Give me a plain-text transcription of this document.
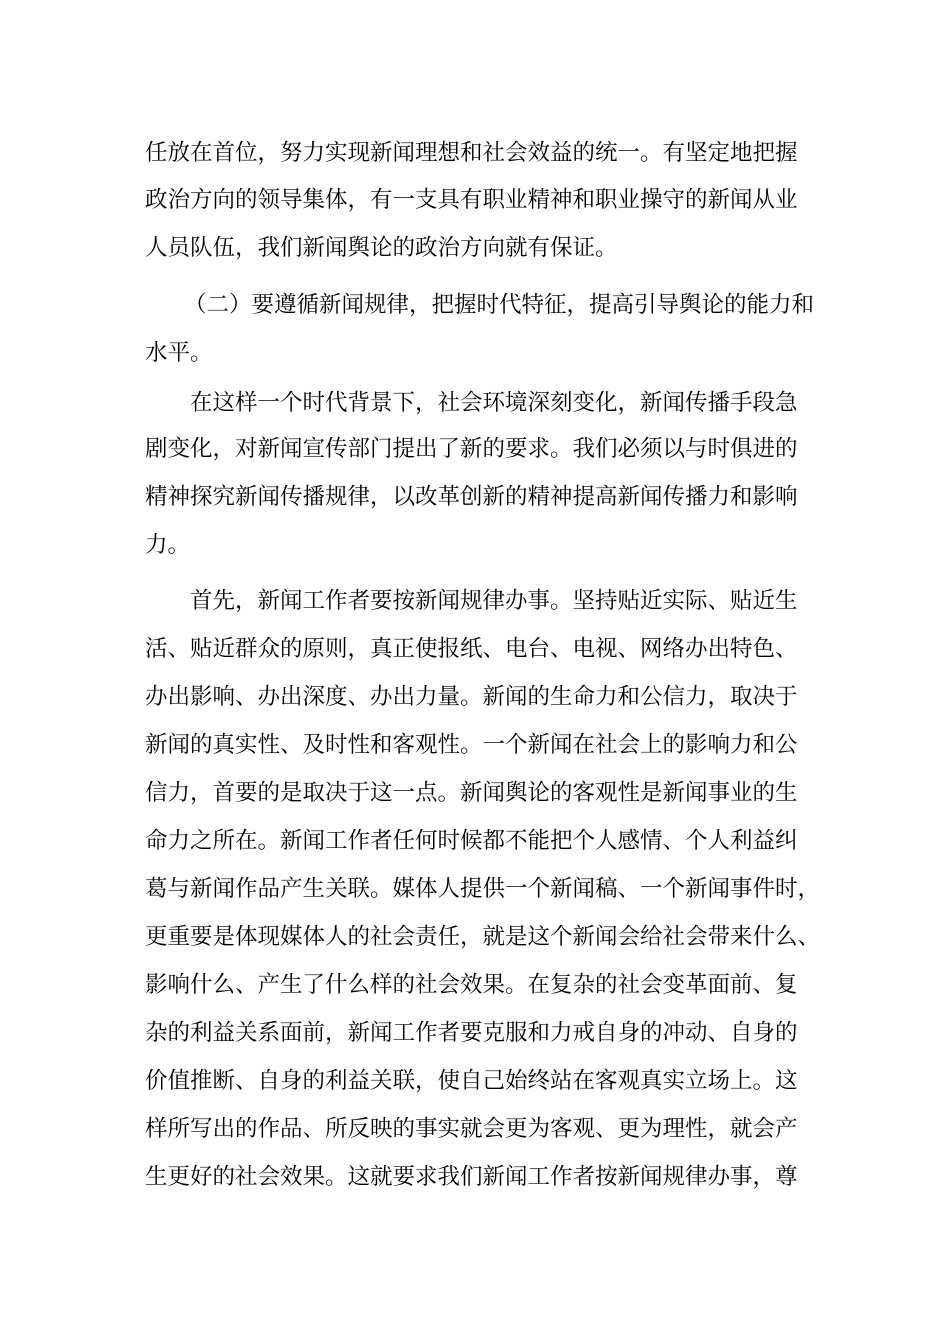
任放在首位，努力实现新闻理想和社会效益的统一。有坚定地把握
政治方向的领导集体，有一支具有职业精神和职业操守的新闻从业
人员队伍，我们新闻舆论的政治方向就有保证。
（二）要遵循新闻规律，把握时代特征，提高引导舆论的能力和
水平。
在这样一个时代背景下，社会环境深刻变化，新闻传播手段急
剧变化，对新闻宣传部门提出了新的要求。我们必须以与时俱进的
精神探究新闻传播规律，以改革创新的精神提高新闻传播力和影响
力。
首先，新闻工作者要按新闻规律办事。坚持贴近实际、贴近生
活、贴近群众的原则，真正使报纸、电台、电视、网络办出特色、
办出影响、办出深度、办出力量。新闻的生命力和公信力，取决于
新闻的真实性、及时性和客观性。一个新闻在社会上的影响力和公
信力，首要的是取决于这一点。新闻舆论的客观性是新闻事业的生
命力之所在。新闻工作者任何时候都不能把个人感情、个人利益纠
葛与新闻作品产生关联。媒体人提供一个新闻稿、一个新闻事件时，
更重要是体现媒体人的社会责任，就是这个新闻会给社会带来什么、
影响什么、产生了什么样的社会效果。在复杂的社会变革面前、复
杂的利益关系面前，新闻工作者要克服和力戒自身的冲动、自身的
价值推断、自身的利益关联，使自己始终站在客观真实立场上。这
样所写出的作品、所反映的事实就会更为客观、更为理性，就会产
生更好的社会效果。这就要求我们新闻工作者按新闻规律办事，尊
